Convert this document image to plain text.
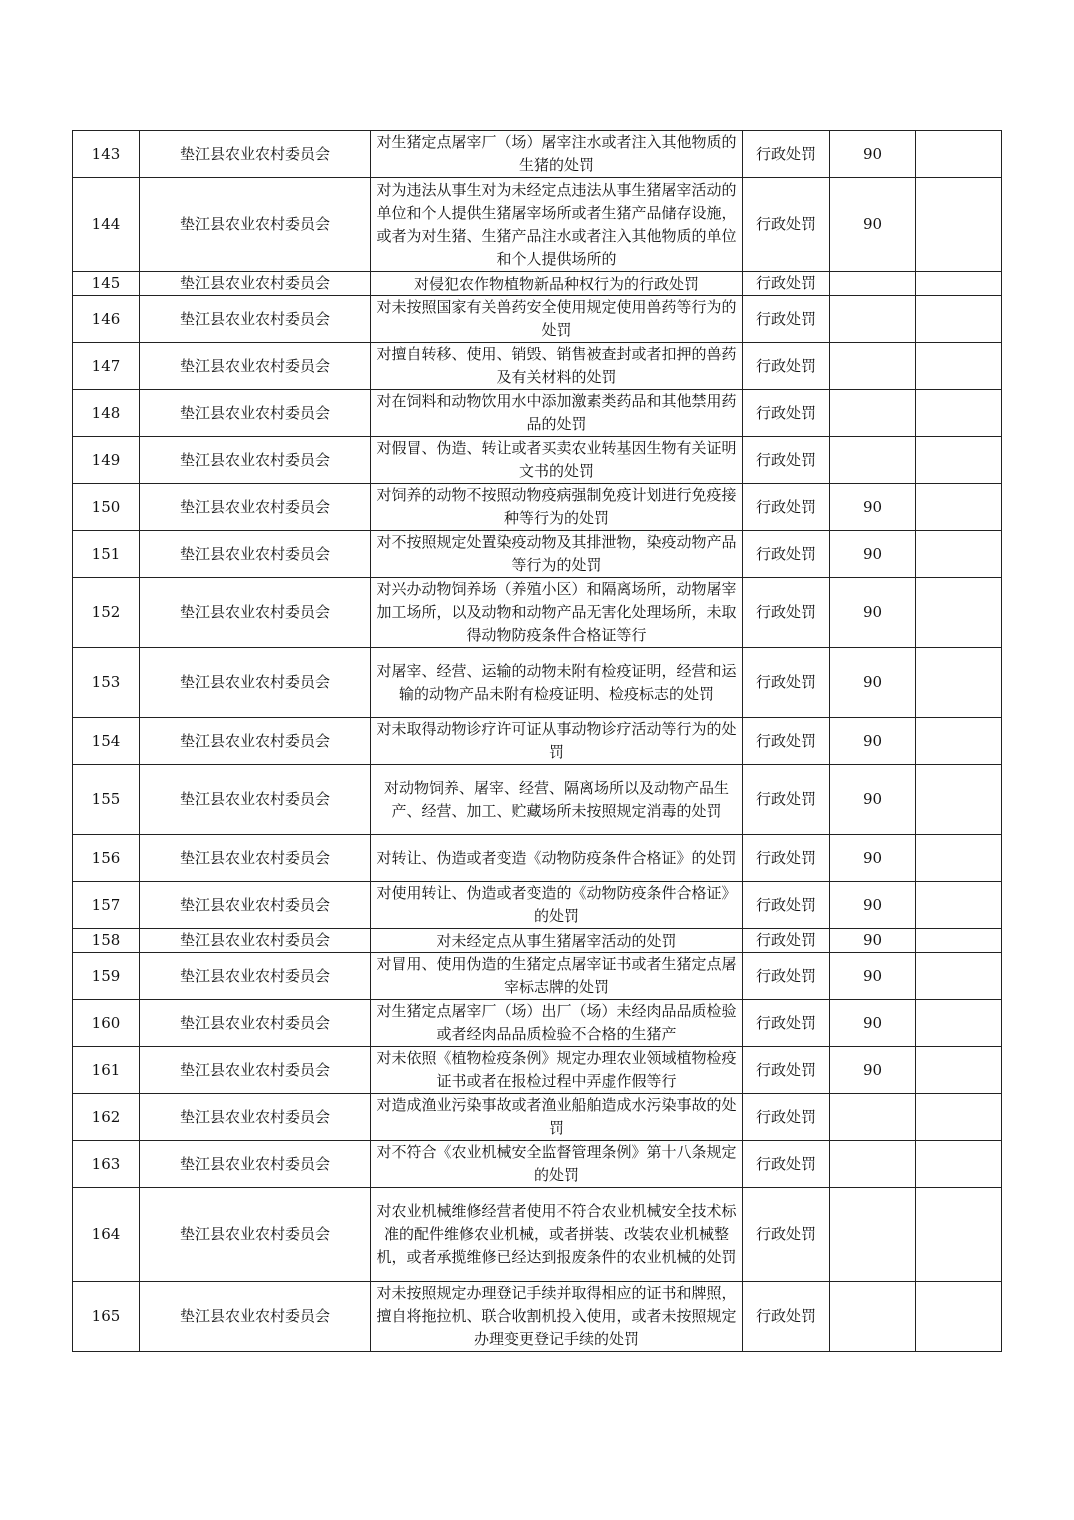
143	垫江县农业农村委员会	对生猪定点屠宰厂（场）屠宰注水或者注入其他物质的生猪的处罚	行政处罚	90	
144	垫江县农业农村委员会	对为违法从事生对为未经定点违法从事生猪屠宰活动的单位和个人提供生猪屠宰场所或者生猪产品储存设施，或者为对生猪、生猪产品注水或者注入其他物质的单位和个人提供场所的	行政处罚	90	
145	垫江县农业农村委员会	对侵犯农作物植物新品种权行为的行政处罚	行政处罚		
146	垫江县农业农村委员会	对未按照国家有关兽药安全使用规定使用兽药等行为的处罚	行政处罚		
147	垫江县农业农村委员会	对擅自转移、使用、销毁、销售被查封或者扣押的兽药及有关材料的处罚	行政处罚		
148	垫江县农业农村委员会	对在饲料和动物饮用水中添加激素类药品和其他禁用药品的处罚	行政处罚		
149	垫江县农业农村委员会	对假冒、伪造、转让或者买卖农业转基因生物有关证明文书的处罚	行政处罚		
150	垫江县农业农村委员会	对饲养的动物不按照动物疫病强制免疫计划进行免疫接种等行为的处罚	行政处罚	90	
151	垫江县农业农村委员会	对不按照规定处置染疫动物及其排泄物，染疫动物产品等行为的处罚	行政处罚	90	
152	垫江县农业农村委员会	对兴办动物饲养场（养殖小区）和隔离场所，动物屠宰加工场所，以及动物和动物产品无害化处理场所，未取得动物防疫条件合格证等行	行政处罚	90	
153	垫江县农业农村委员会	对屠宰、经营、运输的动物未附有检疫证明，经营和运输的动物产品未附有检疫证明、检疫标志的处罚	行政处罚	90	
154	垫江县农业农村委员会	对未取得动物诊疗许可证从事动物诊疗活动等行为的处罚	行政处罚	90	
155	垫江县农业农村委员会	对动物饲养、屠宰、经营、隔离场所以及动物产品生产、经营、加工、贮藏场所未按照规定消毒的处罚	行政处罚	90	
156	垫江县农业农村委员会	对转让、伪造或者变造《动物防疫条件合格证》的处罚	行政处罚	90	
157	垫江县农业农村委员会	对使用转让、伪造或者变造的《动物防疫条件合格证》的处罚	行政处罚	90	
158	垫江县农业农村委员会	对未经定点从事生猪屠宰活动的处罚	行政处罚	90	
159	垫江县农业农村委员会	对冒用、使用伪造的生猪定点屠宰证书或者生猪定点屠宰标志牌的处罚	行政处罚	90	
160	垫江县农业农村委员会	对生猪定点屠宰厂（场）出厂（场）未经肉品品质检验或者经肉品品质检验不合格的生猪产	行政处罚	90	
161	垫江县农业农村委员会	对未依照《植物检疫条例》规定办理农业领域植物检疫证书或者在报检过程中弄虚作假等行	行政处罚	90	
162	垫江县农业农村委员会	对造成渔业污染事故或者渔业船舶造成水污染事故的处罚	行政处罚		
163	垫江县农业农村委员会	对不符合《农业机械安全监督管理条例》第十八条规定的处罚	行政处罚		
164	垫江县农业农村委员会	对农业机械维修经营者使用不符合农业机械安全技术标准的配件维修农业机械，或者拼装、改装农业机械整机，或者承揽维修已经达到报废条件的农业机械的处罚	行政处罚		
165	垫江县农业农村委员会	对未按照规定办理登记手续并取得相应的证书和牌照，擅自将拖拉机、联合收割机投入使用，或者未按照规定办理变更登记手续的处罚	行政处罚		
